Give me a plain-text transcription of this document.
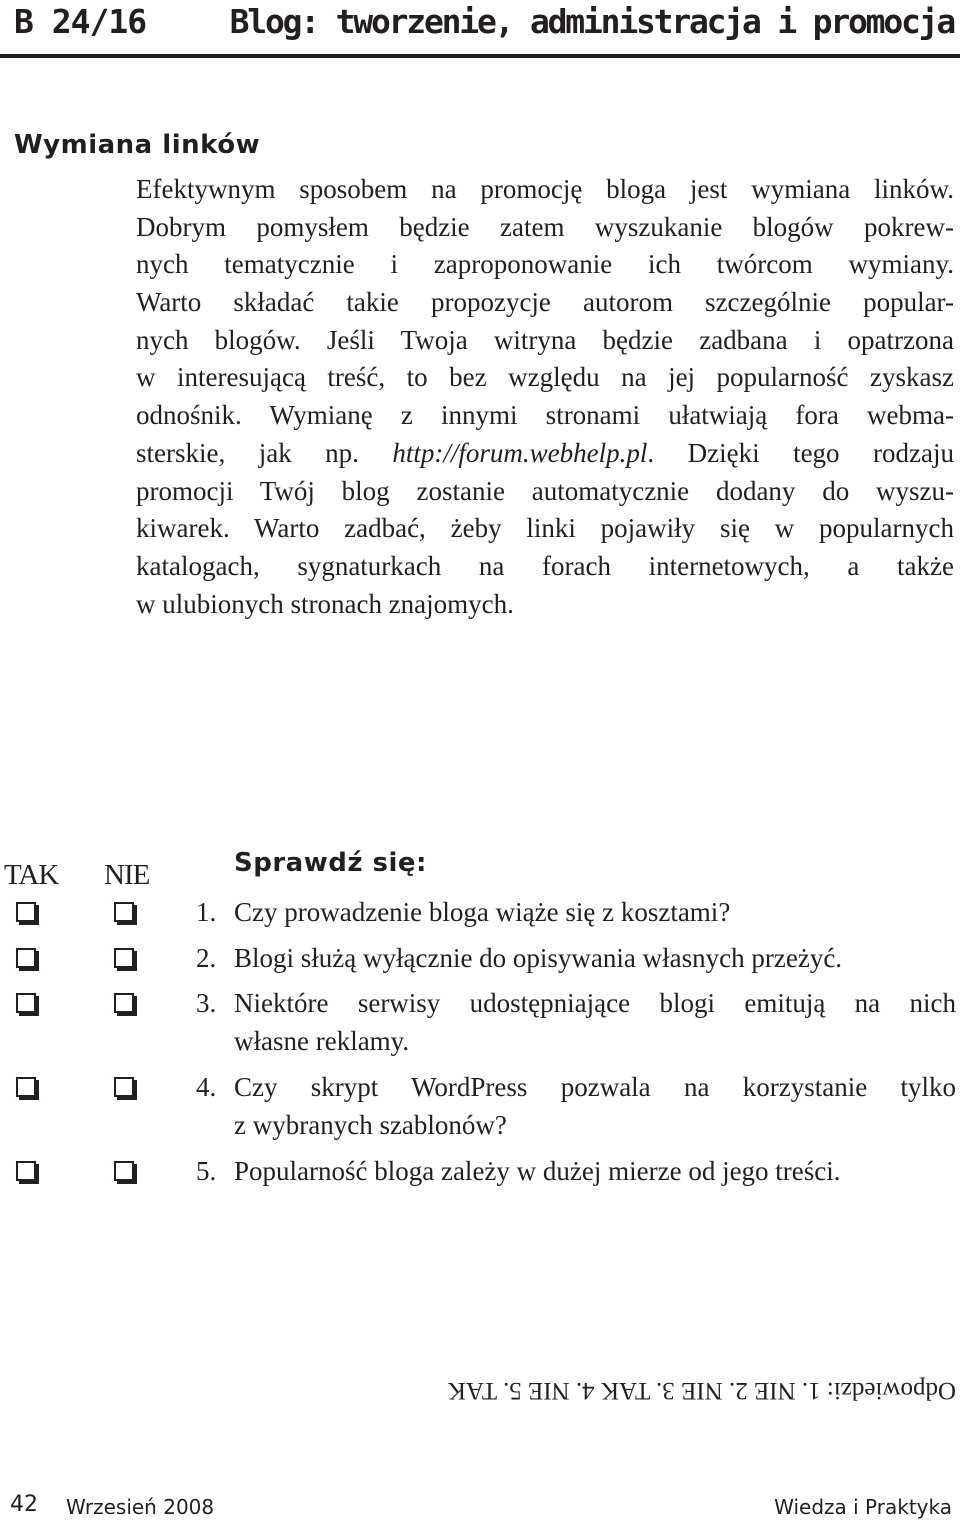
B 24/16	Blog: tworzenie, administracja i promocja
Wymiana linków
Efektywnym sposobem na promocję bloga jest wymiana linków.
Dobrym pomysłem będzie zatem wyszukanie blogów pokrew-
nych tematycznie i zaproponowanie ich twórcom wymiany.
Warto składać takie propozycje autorom szczególnie popular-
nych blogów. Jeśli Twoja witryna będzie zadbana i opatrzona
w interesującą treść, to bez względu na jej popularność zyskasz
odnośnik. Wymianę z innymi stronami ułatwiają fora webma-
sterskie, jak np. http://forum.webhelp.pl. Dzięki tego rodzaju
promocji Twój blog zostanie automatycznie dodany do wyszu-
kiwarek. Warto zadbać, żeby linki pojawiły się w popularnych
katalogach, sygnaturkach na forach internetowych, a także
w ulubionych stronach znajomych.
TAK NIE	Sprawdź się:
1. Czy prowadzenie bloga wiąże się z kosztami?
2. Blogi służą wyłącznie do opisywania własnych przeżyć.
3. Niektóre serwisy udostępniające blogi emitują na nich
własne reklamy.
4. Czy skrypt WordPress pozwala na korzystanie tylko
z wybranych szablonów?
5. Popularność bloga zależy w dużej mierze od jego treści.
Odpowiedzi: 1. NIE 2. NIE 3. TAK 4. NIE 5. TAK
42 Wrzesień 2008	Wiedza i Praktyka
